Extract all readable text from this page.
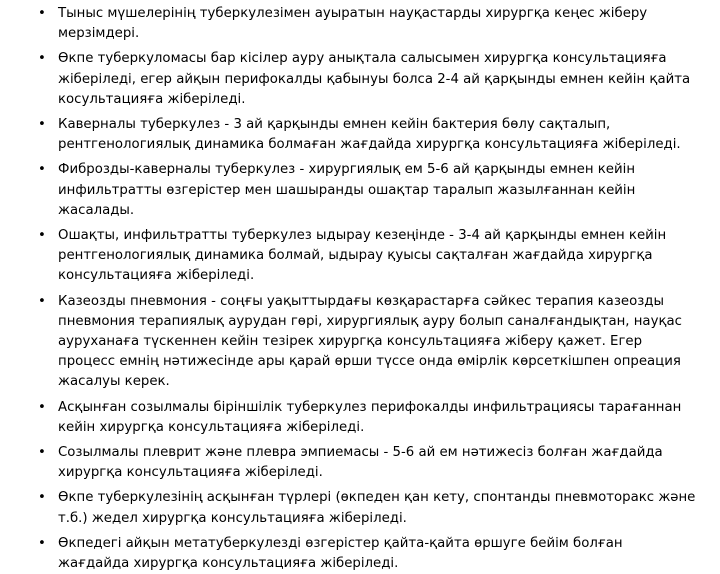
• Тыныс мүшелерінің туберкулезімен ауыратын науқастарды хирургқа кеңес жіберу мерзімдері.
• Өкпе туберкуломасы бар кісілер ауру анықтала салысымен хирургқа консультацияға жіберіледі, егер айқын перифокалды қабынуы болса 2-4 ай қарқынды емнен кейін қайта косультацияға жіберіледі.
• Каверналы туберкулез - 3 ай қарқынды емнен кейін бактерия бөлу сақталып, рентгенологиялық динамика болмаған жағдайда хирургқа консультацияға жіберіледі.
• Фиброзды-каверналы туберкулез - хирургиялық ем 5-6 ай қарқынды емнен кейін инфильтратты өзгерістер мен шашыранды ошақтар таралып жазылғаннан кейін жасалады.
• Ошақты, инфильтратты туберкулез ыдырау кезеңінде - 3-4 ай қарқынды емнен кейін рентгенологиялық динамика болмай, ыдырау қуысы сақталған жағдайда хирургқа консультацияға жіберіледі.
• Казеозды пневмония - соңғы уақыттырдағы көзқарастарға сәйкес терапия казеозды пневмония терапиялық аурудан гөрі, хирургиялық ауру болып саналғандықтан, науқас ауруханаға түскеннен кейін тезірек хирургқа консультацияға жіберу қажет. Егер процесс емнің нәтижесінде ары қарай өрши түссе онда өмірлік көрсеткішпен опреация жасалуы керек.
• Асқынған созылмалы біріншілік туберкулез перифокалды инфильтрациясы тарағаннан кейін хирургқа консультацияға жіберіледі.
• Созылмалы плеврит және плевра эмпиемасы - 5-6 ай ем нәтижесіз болған жағдайда хирургқа консультацияға жіберіледі.
• Өкпе туберкулезінің асқынған түрлері (өкпеден қан кету, спонтанды пневмоторакс және т.б.) жедел хирургқа консультацияға жіберіледі.
• Өкпедегі айқын метатуберкулезді өзгерістер қайта-қайта өршуге бейім болған жағдайда хирургқа консультацияға жіберіледі.
